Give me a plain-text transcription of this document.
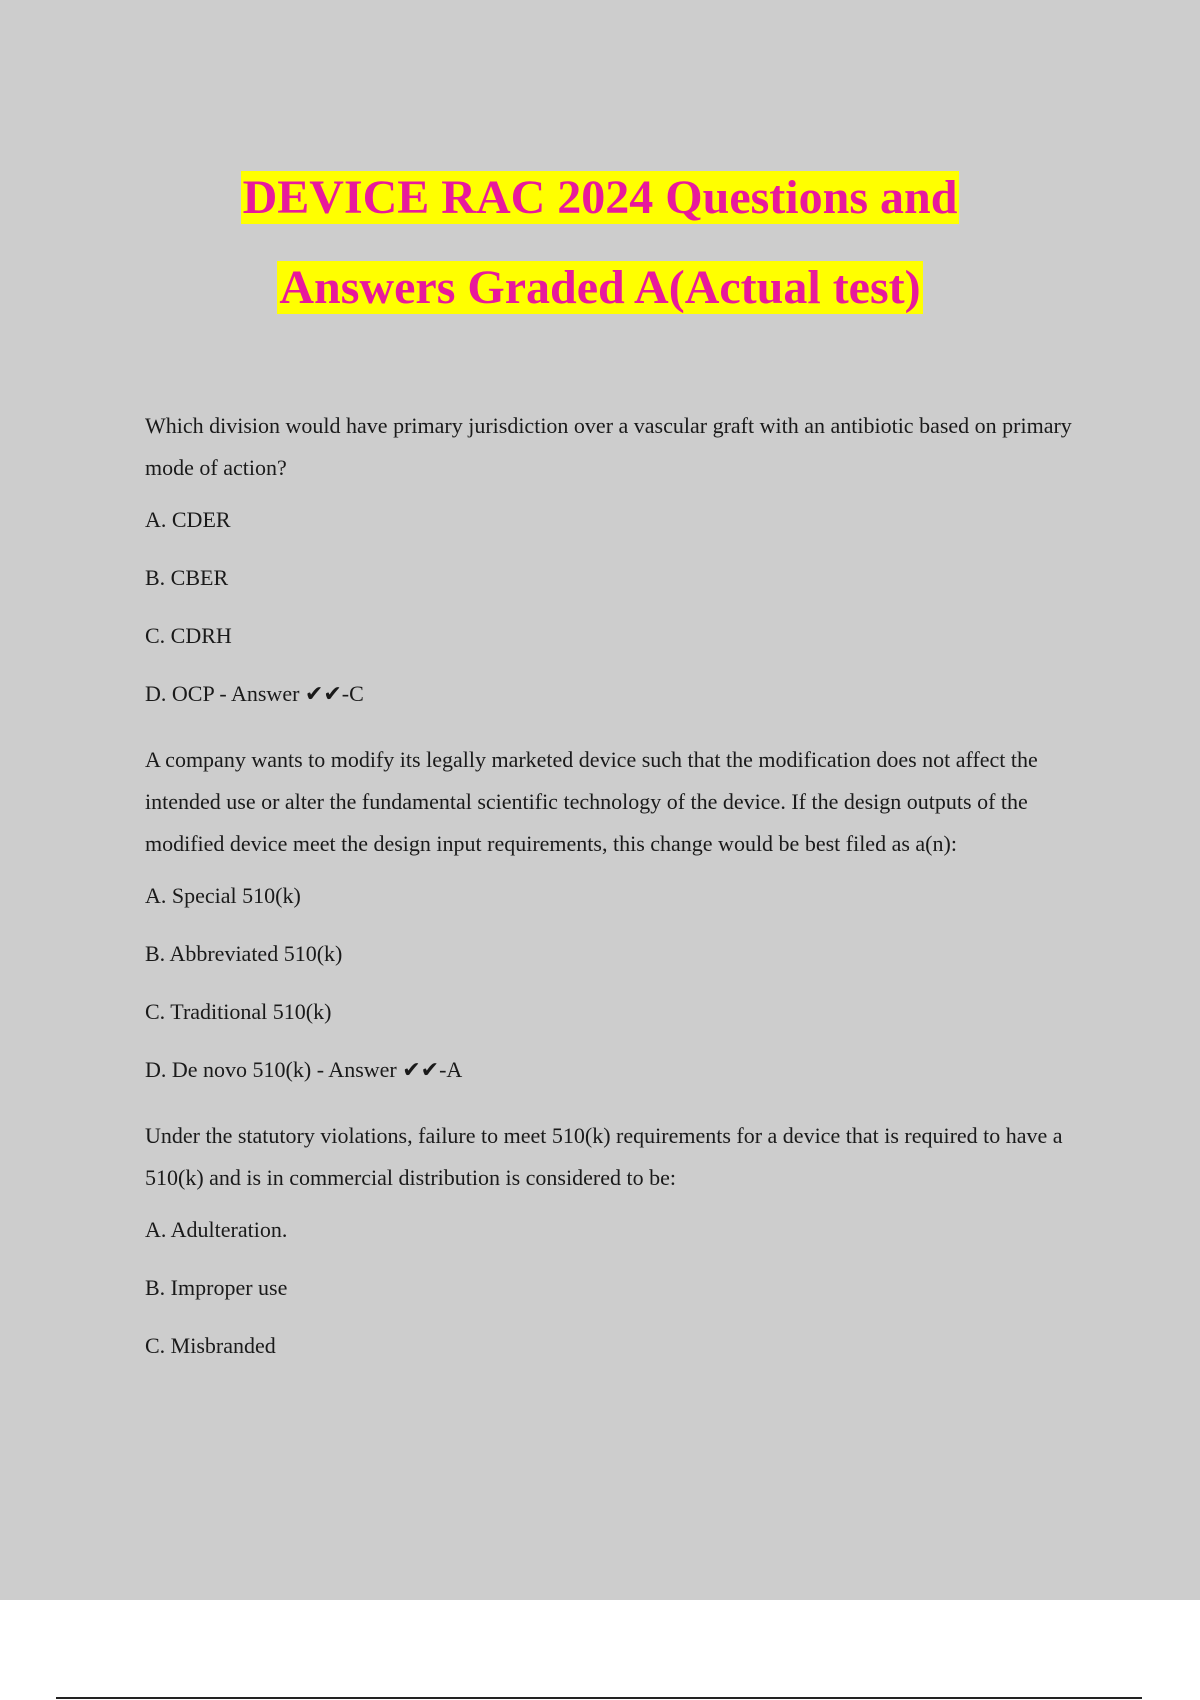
DEVICE RAC 2024 Questions and
Answers Graded A(Actual test)

Which division would have primary jurisdiction over a vascular graft with an antibiotic based on primary mode of action?

A. CDER

B. CBER

C. CDRH

D. OCP - Answer ✔✔-C

A company wants to modify its legally marketed device such that the modification does not affect the intended use or alter the fundamental scientific technology of the device. If the design outputs of the modified device meet the design input requirements, this change would be best filed as a(n):

A. Special 510(k)

B. Abbreviated 510(k)

C. Traditional 510(k)

D. De novo 510(k) - Answer ✔✔-A

Under the statutory violations, failure to meet 510(k) requirements for a device that is required to have a 510(k) and is in commercial distribution is considered to be:

A. Adulteration.

B. Improper use

C. Misbranded
